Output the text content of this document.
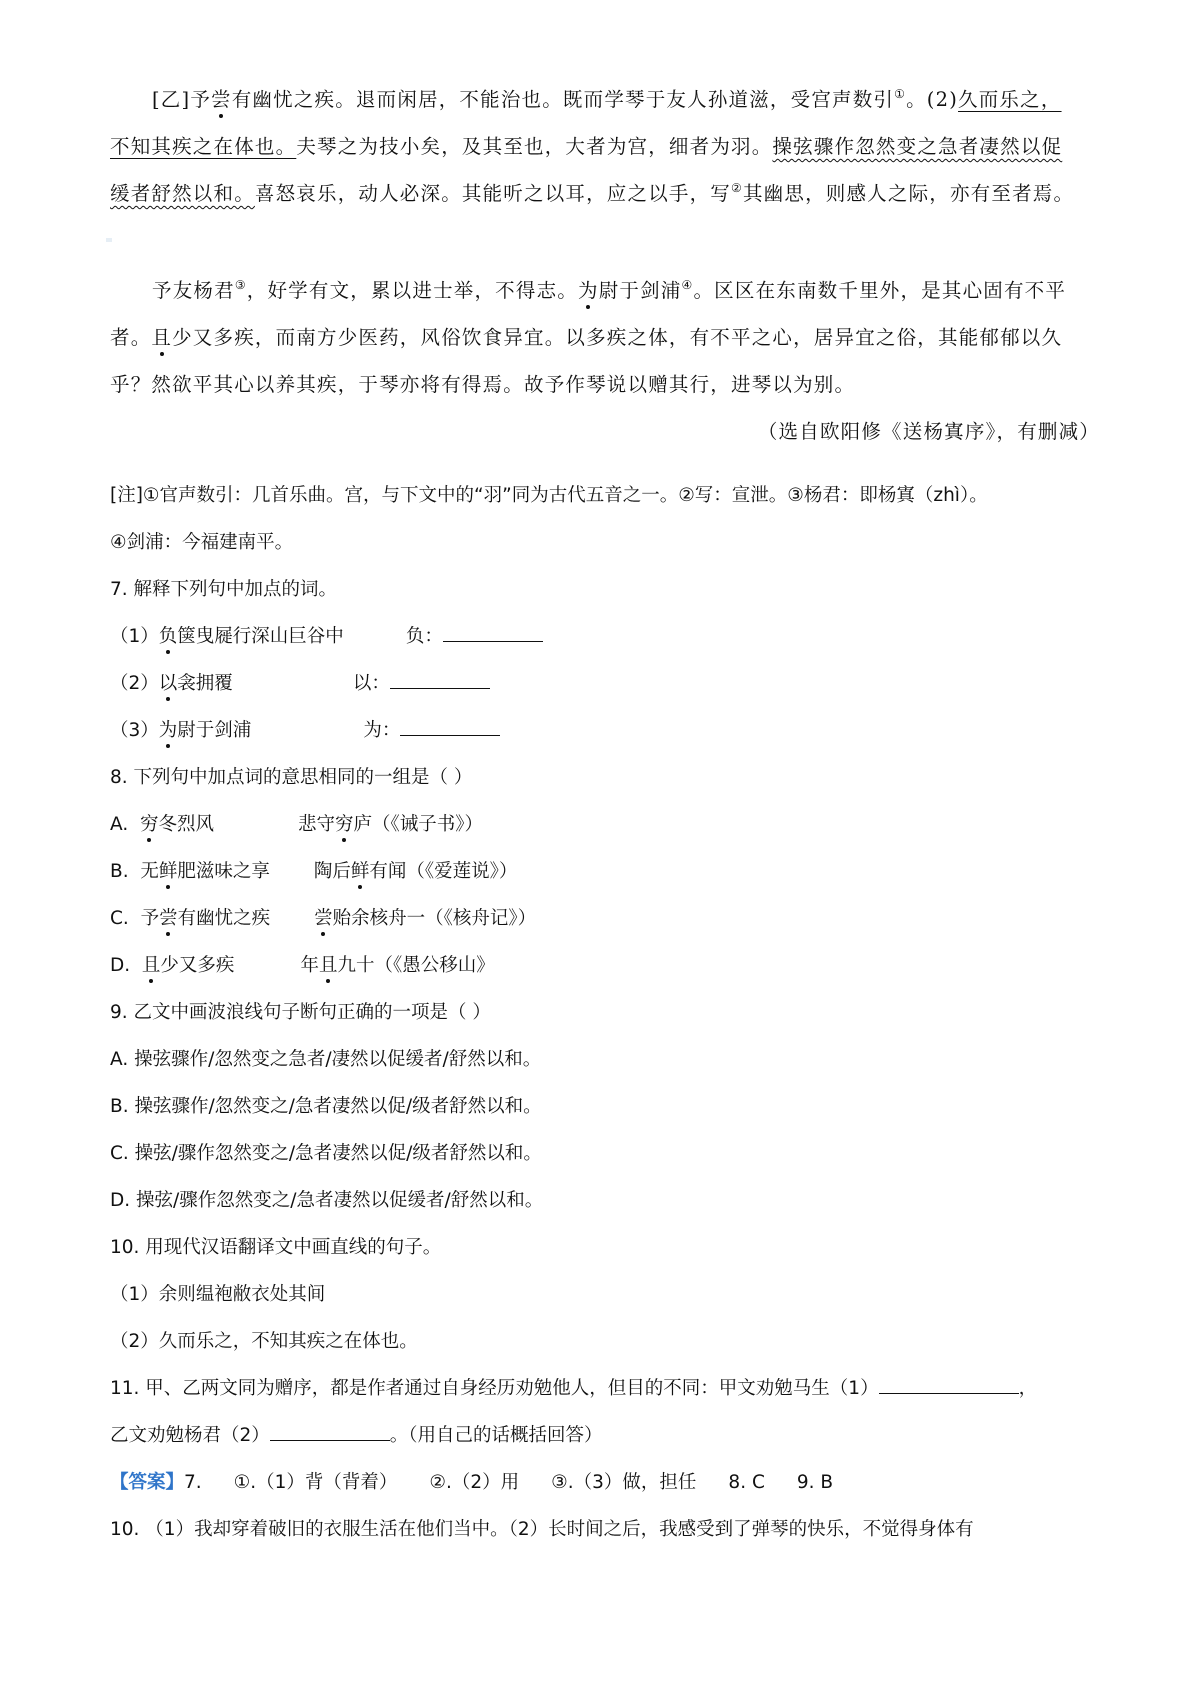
[乙]予尝有幽忧之疾。退而闲居，不能治也。既而学琴于友人孙道滋，受宫声数引①。(2)久而乐之，
不知其疾之在体也。夫琴之为技小矣，及其至也，大者为宫，细者为羽。操弦骤作忽然变之急者凄然以促
缓者舒然以和。喜怒哀乐，动人必深。其能听之以耳，应之以手，写②其幽思，则感人之际，亦有至者焉。
予友杨君③，好学有文，累以进士举，不得志。为尉于剑浦④。区区在东南数千里外，是其心固有不平
者。且少又多疾，而南方少医药，风俗饮食异宜。以多疾之体，有不平之心，居异宜之俗，其能郁郁以久
乎？然欲平其心以养其疾，于琴亦将有得焉。故予作琴说以赠其行，进琴以为别。
（选自欧阳修《送杨寘序》，有删减）
[注]①官声数引：几首乐曲。宫，与下文中的“羽”同为古代五音之一。②写：宣泄。③杨君：即杨寘（zhì）。
④剑浦：今福建南平。
7. 解释下列句中加点的词。
（1）负箧曳屣行深山巨谷中	负：
（2）以衾拥覆	以：
（3）为尉于剑浦	为：
8. 下列句中加点词的意思相同的一组是（ ）
A. 穷冬烈风	悲守穷庐（《诫子书》）
B. 无鲜肥滋味之享 陶后鲜有闻（《爱莲说》）
C. 予尝有幽忧之疾 尝贻余核舟一（《核舟记》）
D. 且少又多疾	年且九十（《愚公移山》
9. 乙文中画波浪线句子断句正确的一项是（ ）
A. 操弦骤作/忽然变之急者/凄然以促缓者/舒然以和。
B. 操弦骤作/忽然变之/急者凄然以促/级者舒然以和。
C. 操弦/骤作忽然变之/急者凄然以促/级者舒然以和。
D. 操弦/骤作忽然变之/急者凄然以促缓者/舒然以和。
10. 用现代汉语翻译文中画直线的句子。
（1）余则缊袍敝衣处其间
（2）久而乐之，不知其疾之在体也。
11. 甲、乙两文同为赠序，都是作者通过自身经历劝勉他人，但目的不同：甲文劝勉马生（1）	，
乙文劝勉杨君（2）	。（用自己的话概括回答）
【答案】7. ①.（1）背（背着） ②.（2）用 ③.（3）做，担任 8. C 9. B
10. （1）我却穿着破旧的衣服生活在他们当中。（2）长时间之后，我感受到了弹琴的快乐，不觉得身体有
